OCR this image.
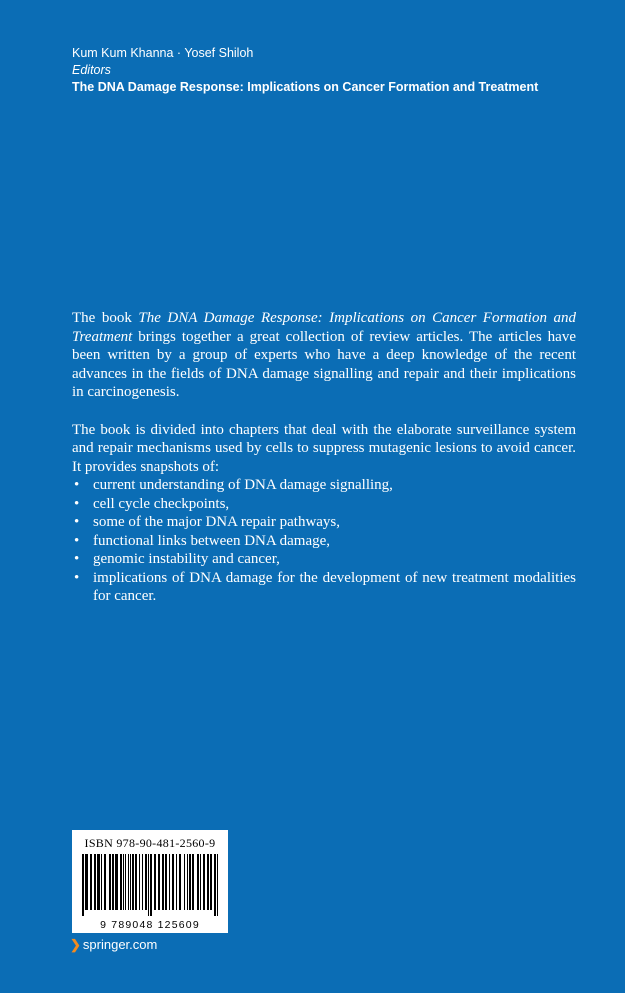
Kum Kum Khanna · Yosef Shiloh
Editors
The DNA Damage Response: Implications on Cancer Formation and Treatment

The book The DNA Damage Response: Implications on Cancer Formation and Treatment brings together a great collection of review articles. The articles have been written by a group of experts who have a deep knowledge of the recent advances in the fields of DNA damage signalling and repair and their implications in carcinogenesis.

The book is divided into chapters that deal with the elaborate surveillance system and repair mechanisms used by cells to suppress mutagenic lesions to avoid cancer. It provides snapshots of:

• current understanding of DNA damage signalling,
• cell cycle checkpoints,
• some of the major DNA repair pathways,
• functional links between DNA damage,
• genomic instability and cancer,
• implications of DNA damage for the development of new treatment modalities for cancer.
ISBN 978-90-481-2560-9
9 789048 125609
❯ springer.com
